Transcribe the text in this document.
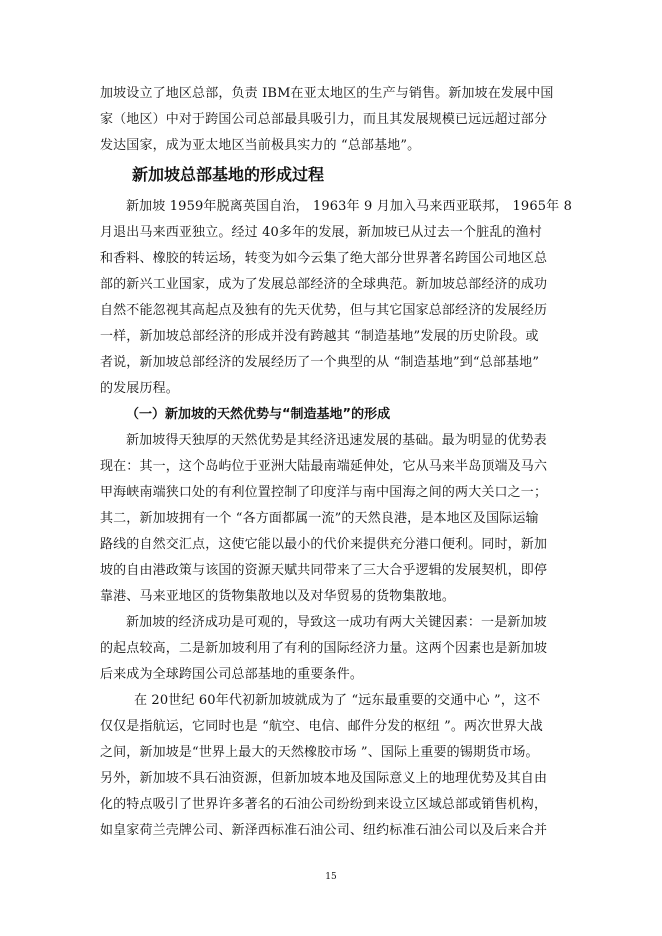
加坡设立了地区总部，负责 IBM在亚太地区的生产与销售。新加坡在发展中国
家（地区）中对于跨国公司总部最具吸引力，而且其发展规模已远远超过部分
发达国家，成为亚太地区当前极具实力的 “总部基地”。
新加坡总部基地的形成过程
新加坡 1959年脱离英国自治， 1963年 9 月加入马来西亚联邦， 1965年 8
月退出马来西亚独立。经过 40多年的发展，新加坡已从过去一个脏乱的渔村
和香料、橡胶的转运场，转变为如今云集了绝大部分世界著名跨国公司地区总
部的新兴工业国家，成为了发展总部经济的全球典范。新加坡总部经济的成功
自然不能忽视其高起点及独有的先天优势，但与其它国家总部经济的发展经历
一样，新加坡总部经济的形成并没有跨越其 “制造基地”发展的历史阶段。或
者说，新加坡总部经济的发展经历了一个典型的从 “制造基地”到“总部基地”
的发展历程。
（一）新加坡的天然优势与“制造基地”的形成
新加坡得天独厚的天然优势是其经济迅速发展的基础。最为明显的优势表
现在：其一，这个岛屿位于亚洲大陆最南端延伸处，它从马来半岛顶端及马六
甲海峡南端狭口处的有利位置控制了印度洋与南中国海之间的两大关口之一；
其二，新加坡拥有一个 “各方面都属一流”的天然良港，是本地区及国际运输
路线的自然交汇点，这使它能以最小的代价来提供充分港口便利。同时，新加
坡的自由港政策与该国的资源天赋共同带来了三大合乎逻辑的发展契机，即停
靠港、马来亚地区的货物集散地以及对华贸易的货物集散地。
新加坡的经济成功是可观的，导致这一成功有两大关键因素：一是新加坡
的起点较高，二是新加坡利用了有利的国际经济力量。这两个因素也是新加坡
后来成为全球跨国公司总部基地的重要条件。
在 20世纪 60年代初新加坡就成为了 “远东最重要的交通中心 ”，这不
仅仅是指航运，它同时也是 “航空、电信、邮件分发的枢纽 ”。两次世界大战
之间，新加坡是“世界上最大的天然橡胶市场 ”、国际上重要的锡期货市场。
另外，新加坡不具石油资源，但新加坡本地及国际意义上的地理优势及其自由
化的特点吸引了世界许多著名的石油公司纷纷到来设立区域总部或销售机构，
如皇家荷兰壳牌公司、新泽西标准石油公司、纽约标准石油公司以及后来合并
15
